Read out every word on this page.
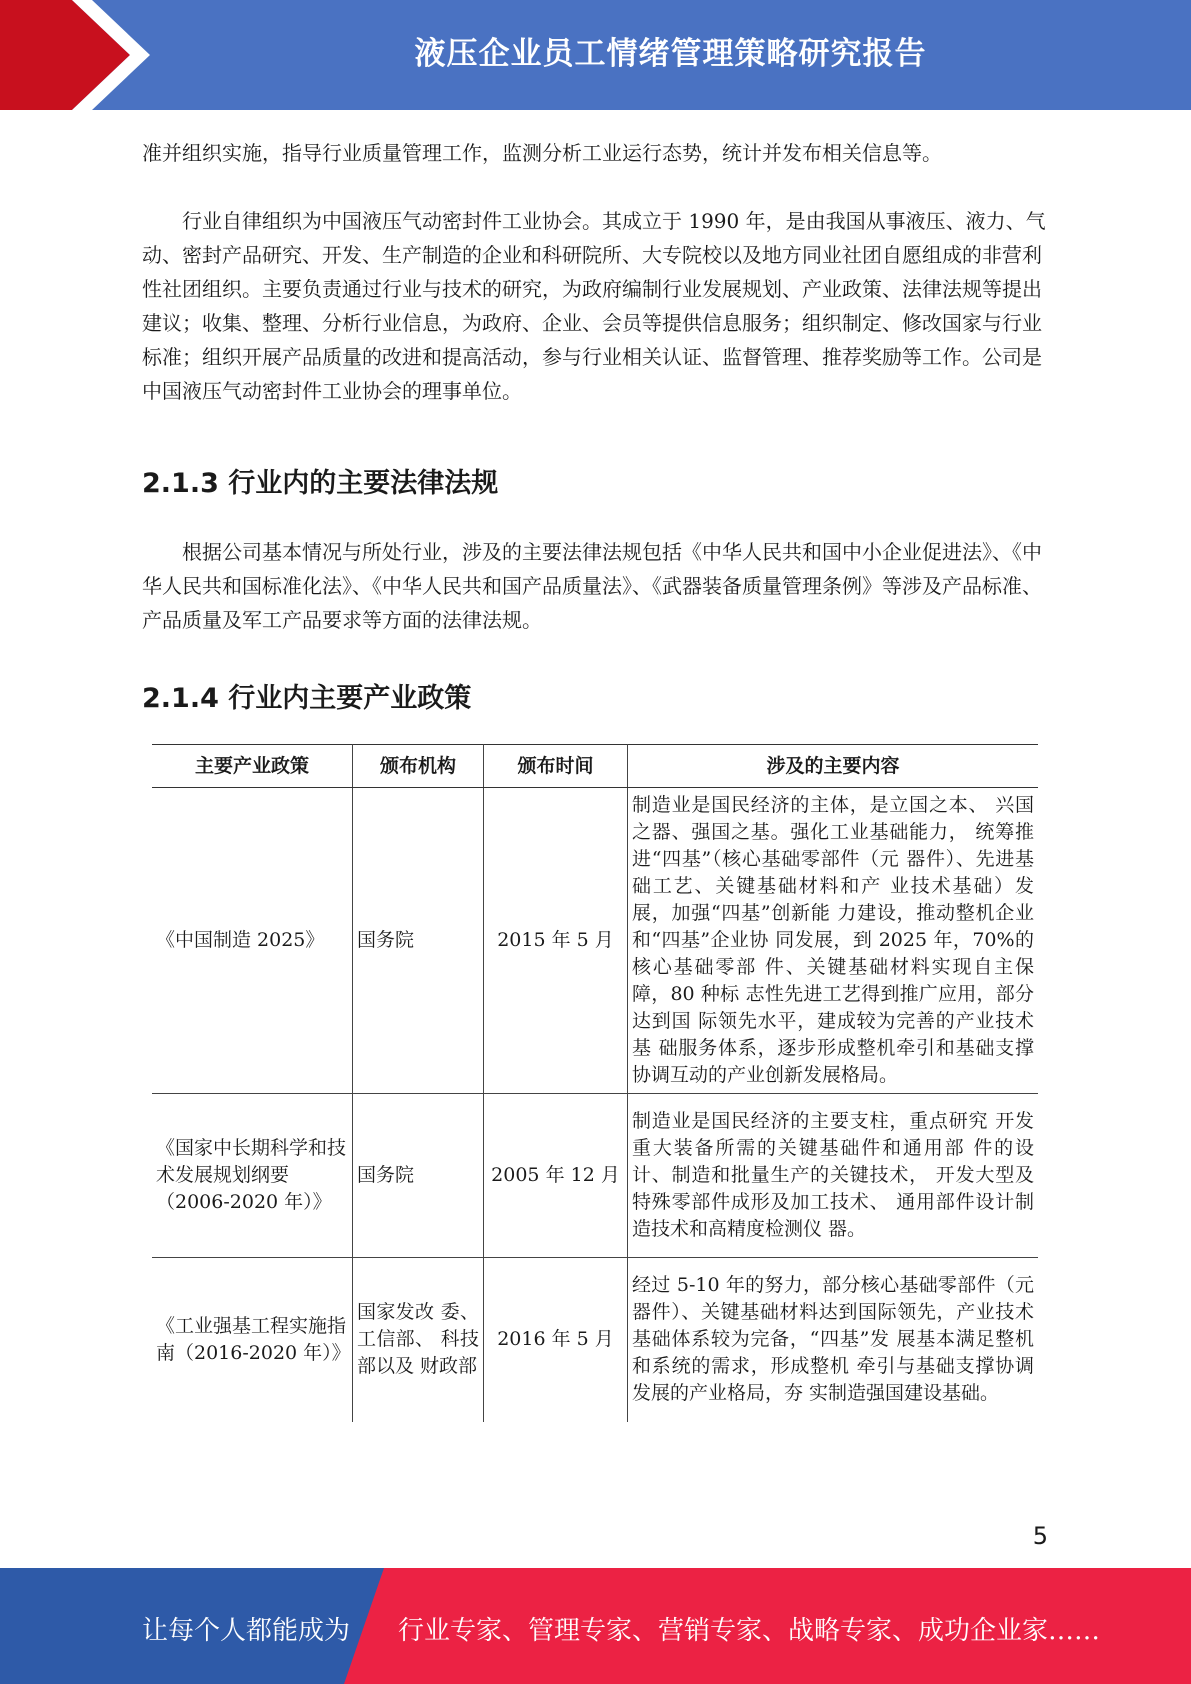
液压企业员工情绪管理策略研究报告

准并组织实施，指导行业质量管理工作，监测分析工业运行态势，统计并发布相关信息等。

行业自律组织为中国液压气动密封件工业协会。其成立于 1990 年，是由我国从事液压、液力、气动、密封产品研究、开发、生产制造的企业和科研院所、大专院校以及地方同业社团自愿组成的非营利性社团组织。主要负责通过行业与技术的研究，为政府编制行业发展规划、产业政策、法律法规等提出建议；收集、整理、分析行业信息，为政府、企业、会员等提供信息服务；组织制定、修改国家与行业标准；组织开展产品质量的改进和提高活动，参与行业相关认证、监督管理、推荐奖励等工作。公司是中国液压气动密封件工业协会的理事单位。

2.1.3 行业内的主要法律法规

根据公司基本情况与所处行业，涉及的主要法律法规包括《中华人民共和国中小企业促进法》、《中华人民共和国标准化法》、《中华人民共和国产品质量法》、《武器装备质量管理条例》等涉及产品标准、产品质量及军工产品要求等方面的法律法规。

2.1.4 行业内主要产业政策
主要产业政策	颁布机构	颁布时间	涉及的主要内容
《中国制造 2025》	国务院	2015 年 5 月	制造业是国民经济的主体，是立国之本、 兴国之器、强国之基。强化工业基础能力， 统筹推进“四基”（核心基础零部件（元 器件）、先进基础工艺、关键基础材料和产 业技术基础）发展，加强“四基”创新能 力建设，推动整机企业和“四基”企业协 同发展，到 2025 年，70%的核心基础零部 件、关键基础材料实现自主保障，80 种标 志性先进工艺得到推广应用，部分达到国 际领先水平，建成较为完善的产业技术基 础服务体系，逐步形成整机牵引和基础支撑协调互动的产业创新发展格局。
《国家中长期科学和技术发展规划纲要（2006-2020 年）》	国务院	2005 年 12 月	制造业是国民经济的主要支柱，重点研究 开发重大装备所需的关键基础件和通用部 件的设计、制造和批量生产的关键技术， 开发大型及特殊零部件成形及加工技术、 通用部件设计制造技术和高精度检测仪 器。
《工业强基工程实施指南（2016-2020 年）》	国家发改 委、工信部、 科技部以及 财政部	2016 年 5 月	经过 5-10 年的努力，部分核心基础零部件（元器件）、关键基础材料达到国际领先，产业技术基础体系较为完备，“四基”发 展基本满足整机和系统的需求，形成整机 牵引与基础支撑协调发展的产业格局，夯 实制造强国建设基础。
5
让每个人都能成为 行业专家、管理专家、营销专家、战略专家、成功企业家……
